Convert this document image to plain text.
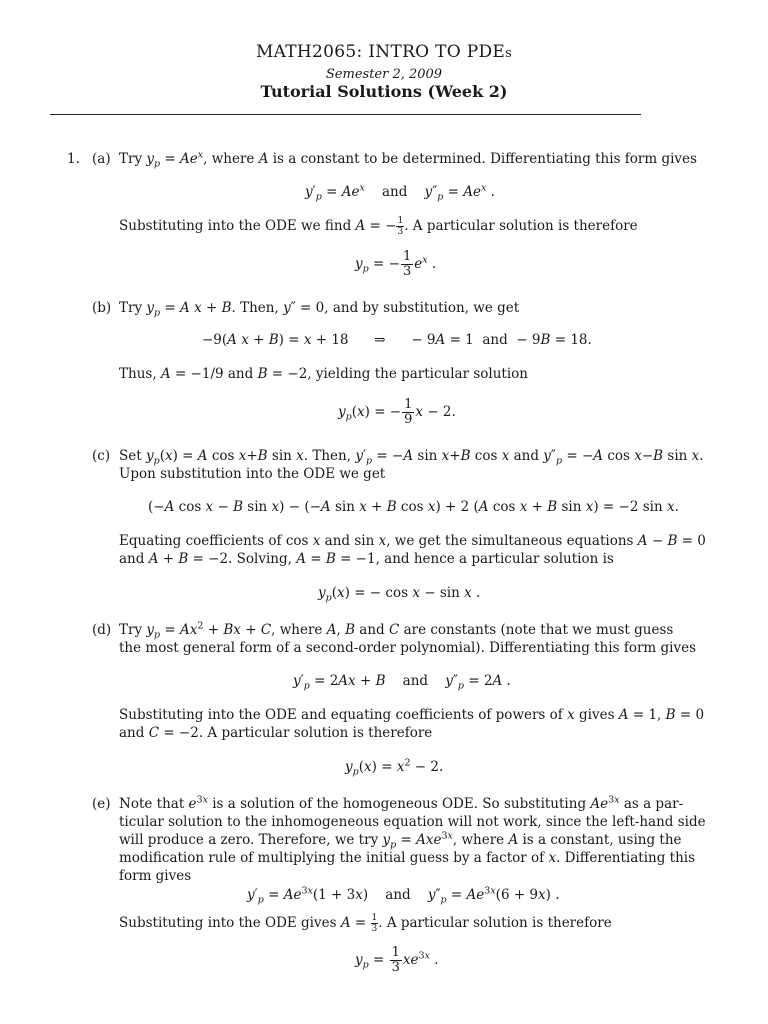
MATH2065: INTRO TO PDEs
Semester 2, 2009
Tutorial Solutions (Week 2)
1. (a) Try $y_p = Ae^x$, where A is a constant to be determined. Differentiating this form gives
$y'_p = Ae^x$    and    $y''_p = Ae^x$ .
Substituting into the ODE we find A = − $\frac{1}{3}$ . A particular solution is therefore
$y_p$ = − $\frac{1}{3} e^x$ .
(b) Try $y_p = A$ x + B. Then, y″ = 0, and by substitution, we get
−9(A x + B) = x + 18      ⇒      − 9A = 1  and  − 9B = 18.
Thus, A = −1/9 and B = −2, yielding the particular solution
$y_p(x)$ = − $\frac{1}{9}$ x − 2.
(c) Set $y_p(x) = A$ cos x+B sin x. Then, $y'_p = -A$ sin x+B cos x and $y''_p = -A$ cos x−B sin x.
Upon substitution into the ODE we get
(−A cos x − B sin x) − (−A sin x + B cos x) + 2 (A cos x + B sin x) = −2 sin x.
Equating coefficients of cos x and sin x, we get the simultaneous equations A − B = 0
and A + B = −2. Solving, A = B = −1, and hence a particular solution is
$y_p(x)$ = − cos x − sin x .
(d) Try $y_p = Ax^2 + Bx + C$, where A, B and C are constants (note that we must guess
the most general form of a second-order polynomial). Differentiating this form gives
$y'_p = 2Ax + B$    and    $y''_p = 2A$ .
Substituting into the ODE and equating coefficients of powers of x gives A = 1, B = 0
and C = −2. A particular solution is therefore
$y_p(x) = x^2 - 2$.
(e) Note that $e^{3x}$ is a solution of the homogeneous ODE. So substituting $Ae^{3x}$ as a par-
ticular solution to the inhomogeneous equation will not work, since the left-hand side
will produce a zero. Therefore, we try $y_p = Axe^{3x}$, where A is a constant, using the
modification rule of multiplying the initial guess by a factor of x. Differentiating this
form gives
$y'_p = Ae^{3x}(1 + 3x)$    and    $y''_p = Ae^{3x}(6 + 9x)$ .
Substituting into the ODE gives $A = \frac{1}{3}$ . A particular solution is therefore
$y_p = \frac{1}{3} xe^{3x}$ .
